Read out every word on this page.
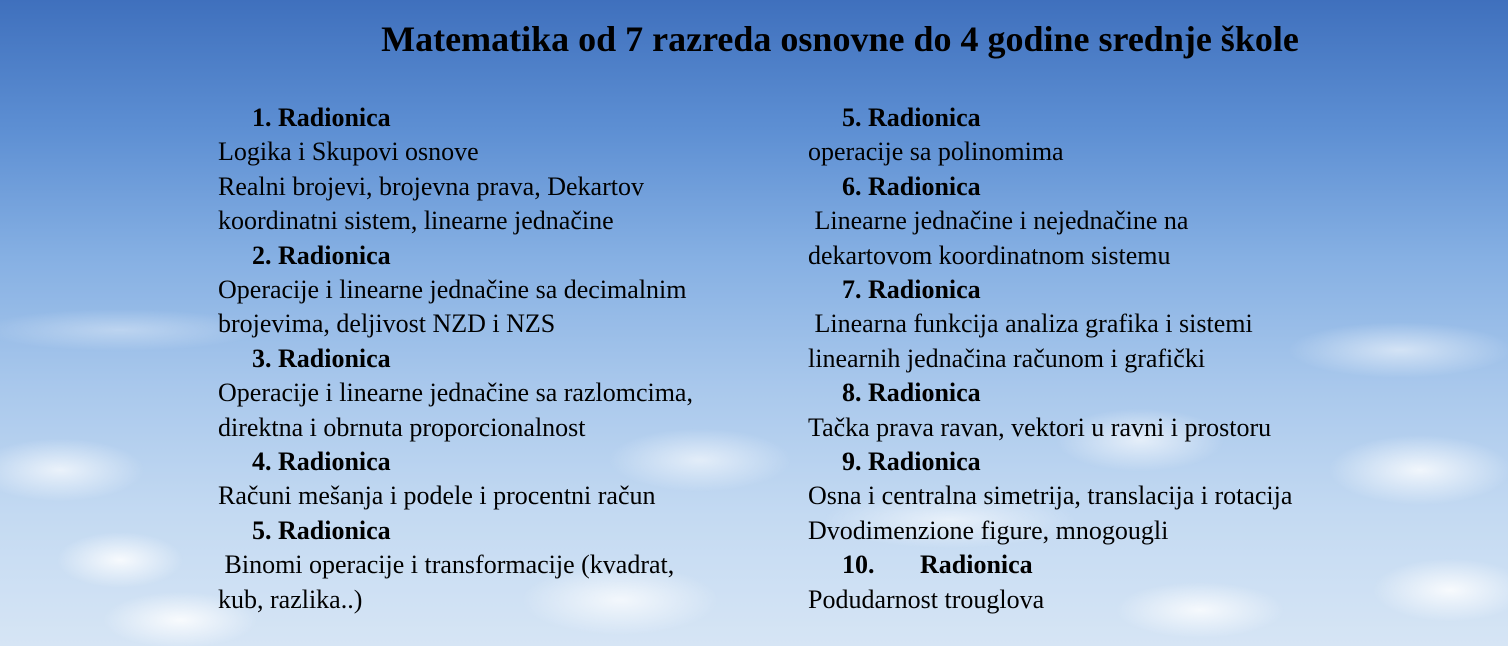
Matematika od 7 razreda osnovne do 4 godine srednje škole
1. Radionica
Logika i Skupovi osnove
Realni brojevi, brojevna prava, Dekartov
koordinatni sistem, linearne jednačine
2. Radionica
Operacije i linearne jednačine sa decimalnim
brojevima, deljivost NZD i NZS
3. Radionica
Operacije i linearne jednačine sa razlomcima,
direktna i obrnuta proporcionalnost
4. Radionica
Računi mešanja i podele i procentni račun
5. Radionica
Binomi operacije i transformacije (kvadrat,
kub, razlika..)
5. Radionica
operacije sa polinomima
6. Radionica
Linearne jednačine i nejednačine na
dekartovom koordinatnom sistemu
7. Radionica
Linearna funkcija analiza grafika i sistemi
linearnih jednačina računom i grafički
8. Radionica
Tačka prava ravan, vektori u ravni i prostoru
9. Radionica
Osna i centralna simetrija, translacija i rotacija
Dvodimenzione figure, mnogougli
10.       Radionica
Podudarnost trouglova
